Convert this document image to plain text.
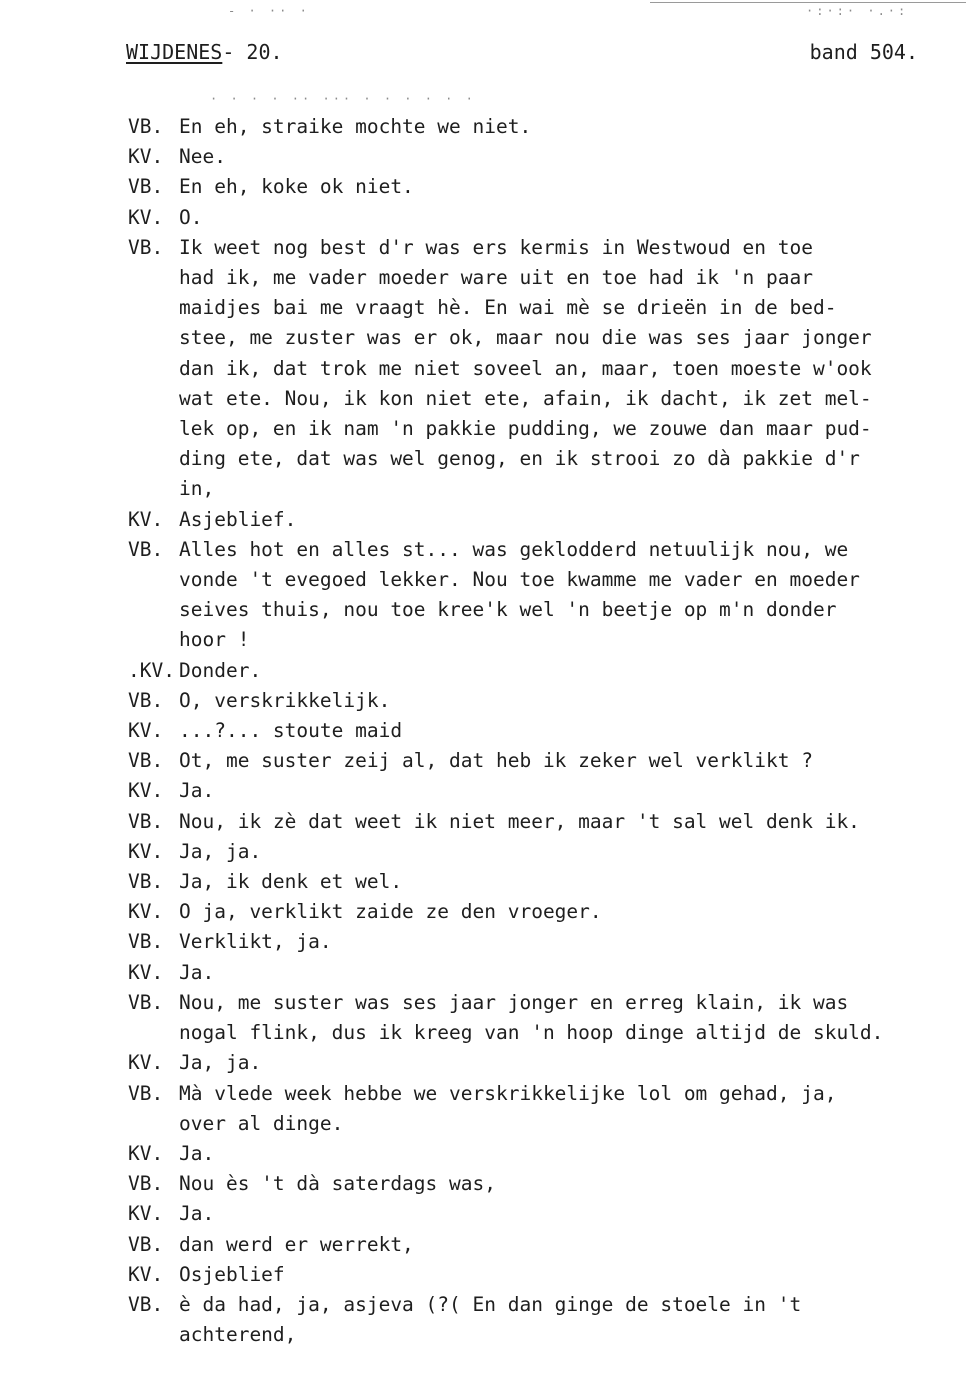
- · ·· ·	·:·:· ·.·:
WIJDENES- 20.	band 504.
· · · · ·· ··· · · · · · ·
VB. En eh, straike mochte we niet.
KV. Nee.
VB. En eh, koke ok niet.
KV. O.
VB. Ik weet nog best d'r was ers kermis in Westwoud en toe
had ik, me vader moeder ware uit en toe had ik 'n paar
maidjes bai me vraagt hè. En wai mè se drieën in de bed-
stee, me zuster was er ok, maar nou die was ses jaar jonger
dan ik, dat trok me niet soveel an, maar, toen moeste w'ook
wat ete. Nou, ik kon niet ete, afain, ik dacht, ik zet mel-
lek op, en ik nam 'n pakkie pudding, we zouwe dan maar pud-
ding ete, dat was wel genog, en ik strooi zo dà pakkie d'r
in,
KV. Asjeblief.
VB. Alles hot en alles st... was geklodderd netuulijk nou, we
vonde 't evegoed lekker. Nou toe kwamme me vader en moeder
seives thuis, nou toe kree'k wel 'n beetje op m'n donder
hoor !
.KV. Donder.
VB. O, verskrikkelijk.
KV. ...?... stoute maid
VB. Ot, me suster zeij al, dat heb ik zeker wel verklikt ?
KV. Ja.
VB. Nou, ik zè dat weet ik niet meer, maar 't sal wel denk ik.
KV. Ja, ja.
VB. Ja, ik denk et wel.
KV. O ja, verklikt zaide ze den vroeger.
VB. Verklikt, ja.
KV. Ja.
VB. Nou, me suster was ses jaar jonger en erreg klain, ik was
nogal flink, dus ik kreeg van 'n hoop dinge altijd de skuld.
KV. Ja, ja.
VB. Mà vlede week hebbe we verskrikkelijke lol om gehad, ja,
over al dinge.
KV. Ja.
VB. Nou ès 't dà saterdags was,
KV. Ja.
VB. dan werd er werrekt,
KV. Osjeblief
VB. è da had, ja, asjeva (?( En dan ginge de stoele in 't
achterend,
